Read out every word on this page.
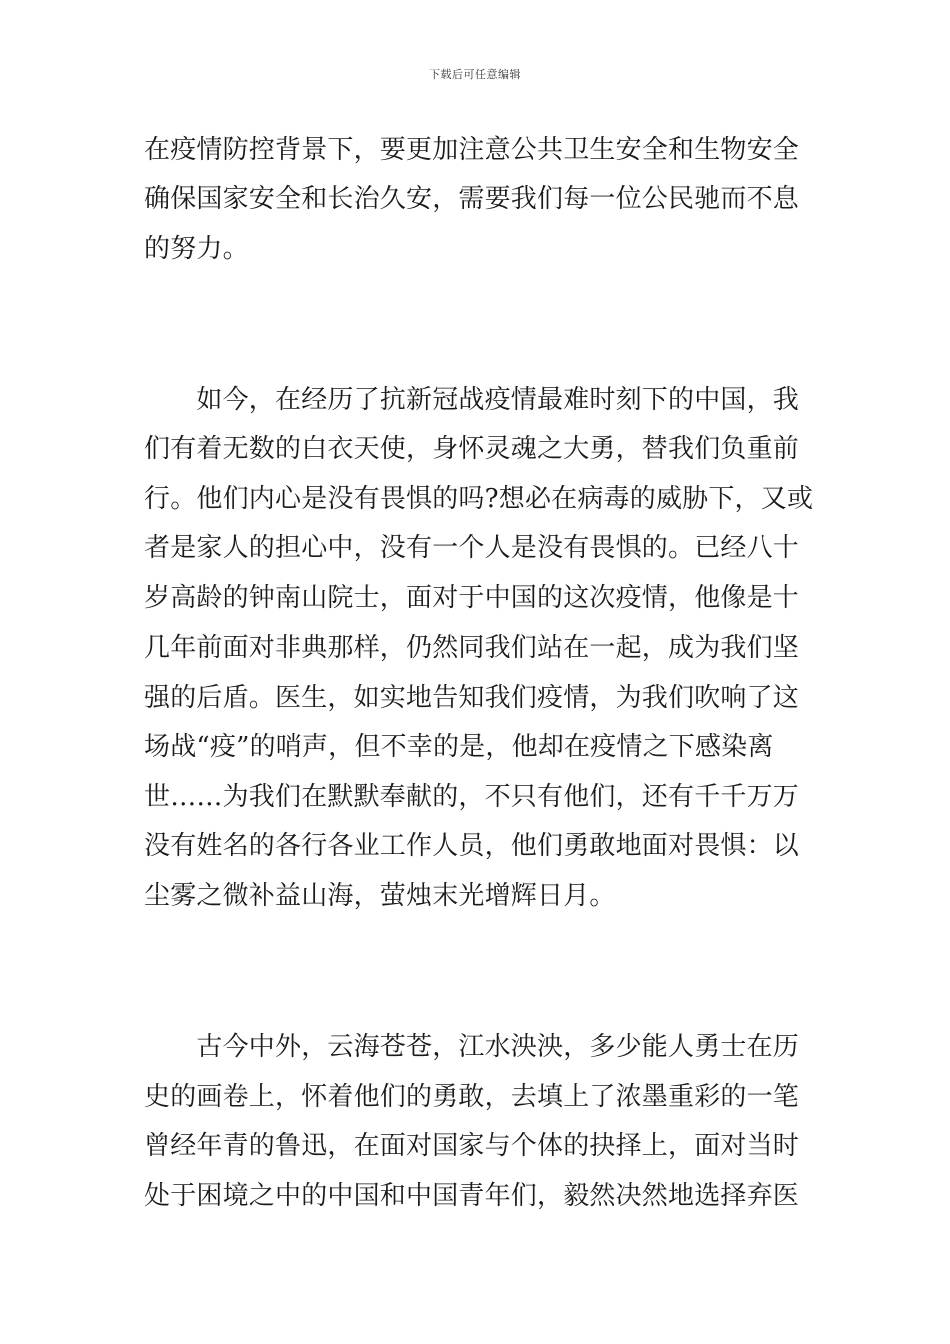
下载后可任意编辑
在疫情防控背景下，要更加注意公共卫生安全和生物安全
确保国家安全和长治久安，需要我们每一位公民驰而不息
的努力。
　　如今，在经历了抗新冠战疫情最难时刻下的中国，我
们有着无数的白衣天使，身怀灵魂之大勇，替我们负重前
行。他们内心是没有畏惧的吗?想必在病毒的威胁下，又或
者是家人的担心中，没有一个人是没有畏惧的。已经八十
岁高龄的钟南山院士，面对于中国的这次疫情，他像是十
几年前面对非典那样，仍然同我们站在一起，成为我们坚
强的后盾。医生，如实地告知我们疫情，为我们吹响了这
场战“疫”的哨声，但不幸的是，他却在疫情之下感染离
世……为我们在默默奉献的，不只有他们，还有千千万万
没有姓名的各行各业工作人员，他们勇敢地面对畏惧：以
尘雾之微补益山海，萤烛末光增辉日月。
　　古今中外，云海苍苍，江水泱泱，多少能人勇士在历
史的画卷上，怀着他们的勇敢，去填上了浓墨重彩的一笔
曾经年青的鲁迅，在面对国家与个体的抉择上，面对当时
处于困境之中的中国和中国青年们，毅然决然地选择弃医
